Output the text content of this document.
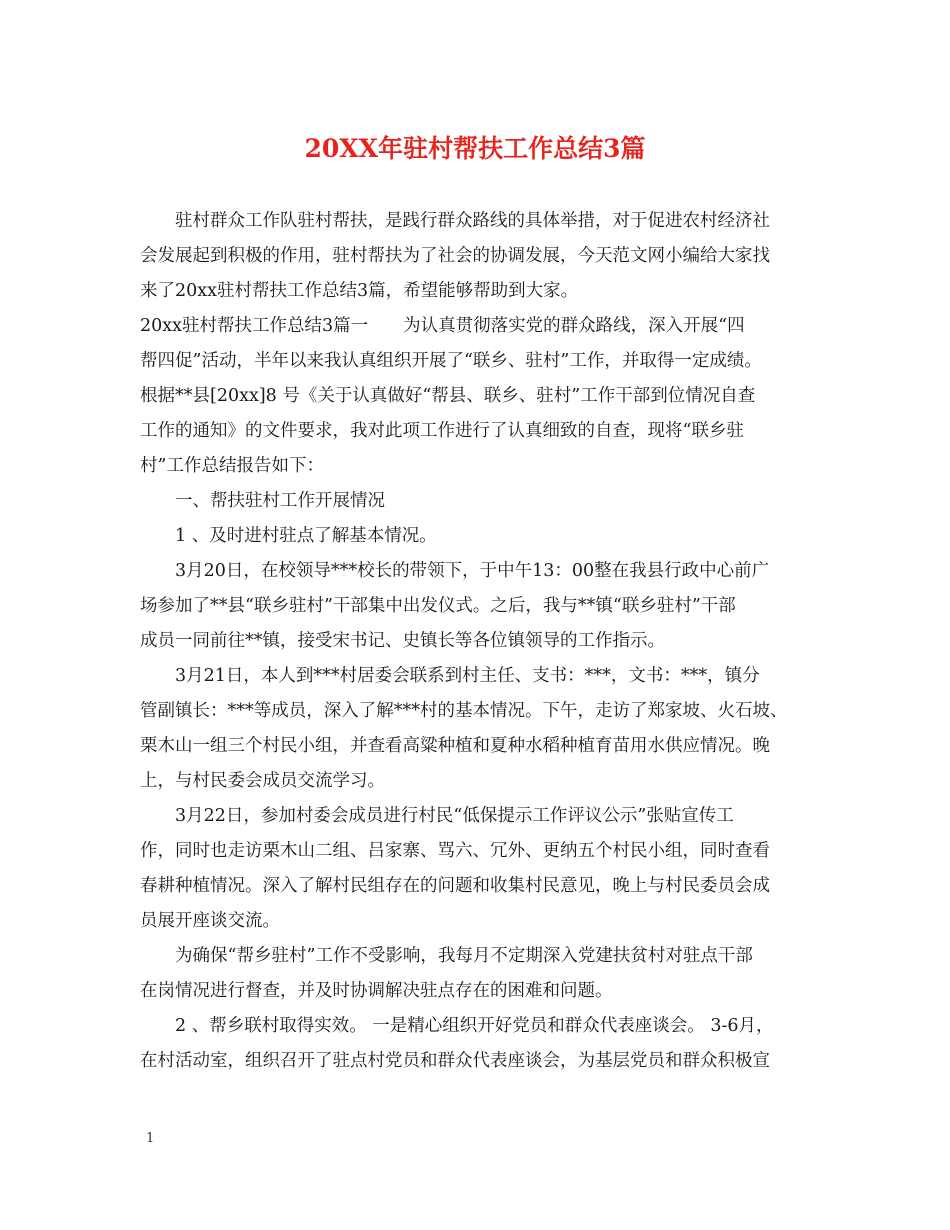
20XX年驻村帮扶工作总结3篇
驻村群众工作队驻村帮扶，是践行群众路线的具体举措，对于促进农村经济社
会发展起到积极的作用，驻村帮扶为了社会的协调发展，今天范文网小编给大家找
来了20xx驻村帮扶工作总结3篇，希望能够帮助到大家。
20xx驻村帮扶工作总结3篇一　　为认真贯彻落实党的群众路线，深入开展“四
帮四促”活动，半年以来我认真组织开展了“联乡、驻村”工作，并取得一定成绩。
根据**县[20xx]8 号《关于认真做好“帮县、联乡、驻村”工作干部到位情况自查
工作的通知》的文件要求，我对此项工作进行了认真细致的自查，现将“联乡驻
村”工作总结报告如下：
一、帮扶驻村工作开展情况
1 、及时进村驻点了解基本情况。
3月20日，在校领导***校长的带领下，于中午13：00整在我县行政中心前广
场参加了**县“联乡驻村”干部集中出发仪式。之后，我与**镇“联乡驻村”干部
成员一同前往**镇，接受宋书记、史镇长等各位镇领导的工作指示。
3月21日，本人到***村居委会联系到村主任、支书：***，文书：***，镇分
管副镇长：***等成员，深入了解***村的基本情况。下午，走访了郑家坡、火石坡、
栗木山一组三个村民小组，并查看高粱种植和夏种水稻种植育苗用水供应情况。晚
上，与村民委会成员交流学习。
3月22日，参加村委会成员进行村民“低保提示工作评议公示”张贴宣传工
作，同时也走访栗木山二组、吕家寨、骂六、冗外、更纳五个村民小组，同时查看
春耕种植情况。深入了解村民组存在的问题和收集村民意见，晚上与村民委员会成
员展开座谈交流。
为确保“帮乡驻村”工作不受影响，我每月不定期深入党建扶贫村对驻点干部
在岗情况进行督查，并及时协调解决驻点存在的困难和问题。
2 、帮乡联村取得实效。 一是精心组织开好党员和群众代表座谈会。 3-6月，
在村活动室，组织召开了驻点村党员和群众代表座谈会，为基层党员和群众积极宣
1
